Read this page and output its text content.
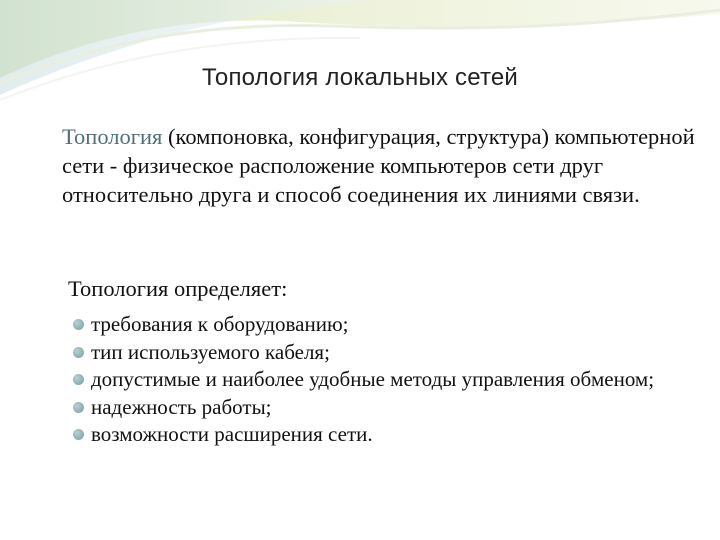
Топология локальных сетей
Топология (компоновка, конфигурация, структура) компьютерной сети - физическое расположение компьютеров сети друг относительно друга и способ соединения их линиями связи.
Топология определяет:
требования к оборудованию;
тип используемого кабеля;
допустимые и наиболее удобные методы управления обменом;
надежность работы;
возможности расширения сети.
